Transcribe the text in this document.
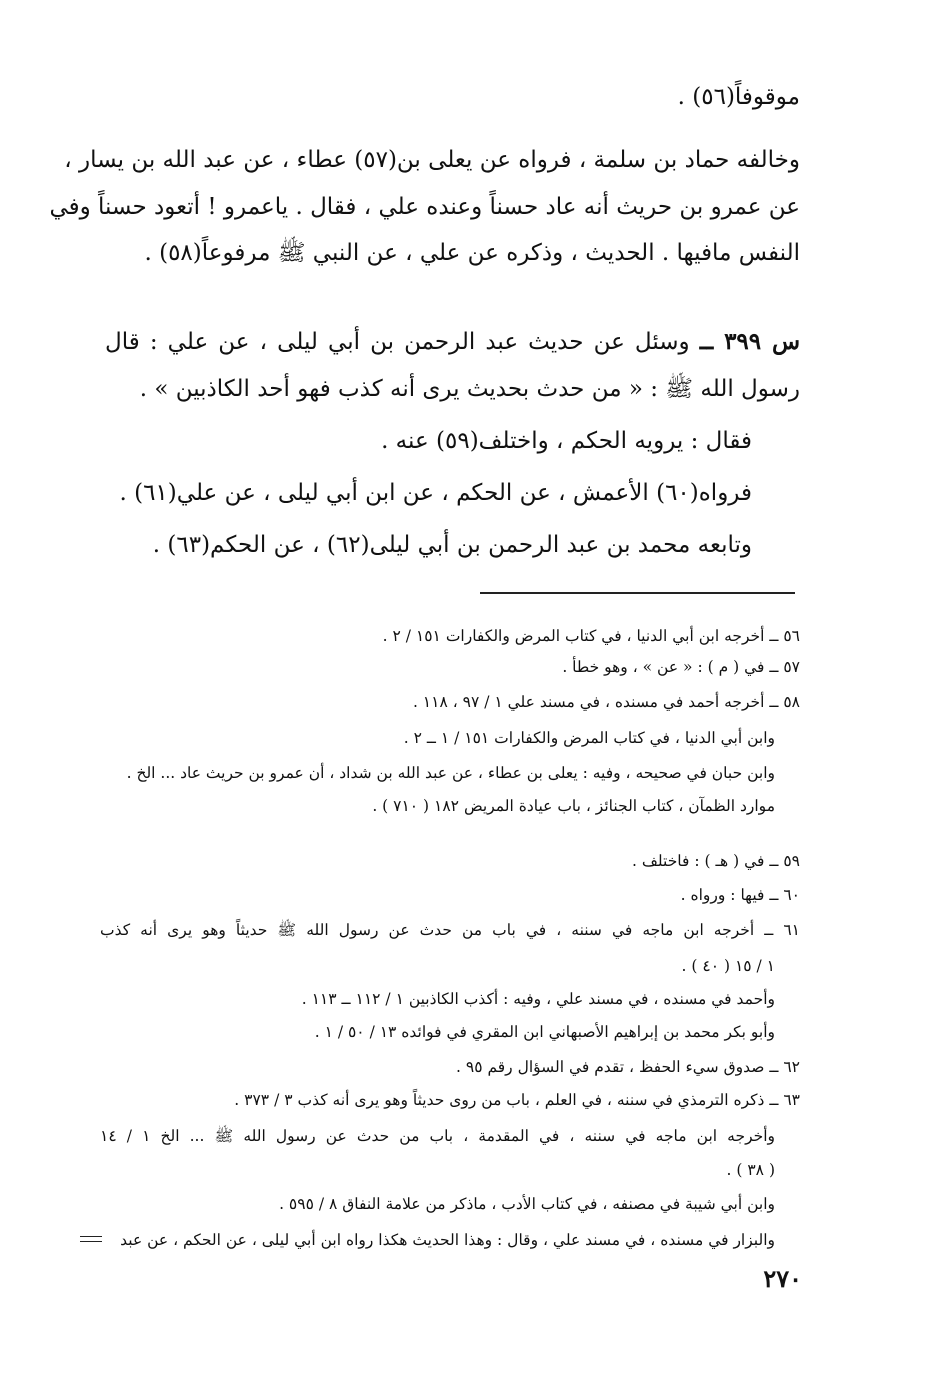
موقوفاً(٥٦) .
وخالفه حماد بن سلمة ، فرواه عن يعلى بن(٥٧) عطاء ، عن عبد الله بن يسار ،
عن عمرو بن حريث أنه عاد حسناً وعنده علي ، فقال . ياعمرو ! أتعود حسناً وفي
النفس مافيها . الحديث ، وذكره عن علي ، عن النبي ﷺ مرفوعاً(٥٨) .
س ٣٩٩ ــ وسئل عن حديث عبد الرحمن بن أبي ليلى ، عن علي : قال
رسول الله ﷺ : « من حدث بحديث يرى أنه كذب فهو أحد الكاذبين » .
فقال : يرويه الحكم ، واختلف(٥٩) عنه .
فرواه(٦٠) الأعمش ، عن الحكم ، عن ابن أبي ليلى ، عن علي(٦١) .
وتابعه محمد بن عبد الرحمن بن أبي ليلى(٦٢) ، عن الحكم(٦٣) .
٥٦ ــ أخرجه ابن أبي الدنيا ، في كتاب المرض والكفارات ١٥١ / ٢ .
٥٧ ــ في ( م ) : « عن » ، وهو خطأ .
٥٨ ــ أخرجه أحمد في مسنده ، في مسند علي ١ / ٩٧ ، ١١٨ .
وابن أبي الدنيا ، في كتاب المرض والكفارات ١٥١ / ١ ــ ٢ .
وابن حبان في صحيحه ، وفيه : يعلى بن عطاء ، عن عبد الله بن شداد ، أن عمرو بن حريث عاد ... الخ .
موارد الظمآن ، كتاب الجنائز ، باب عيادة المريض ١٨٢ ( ٧١٠ ) .
٥٩ ــ في ( هـ ) : فاختلف .
٦٠ ــ فيها : ورواه .
٦١ ــ أخرجه ابن ماجه في سننه ، في باب من حدث عن رسول الله ﷺ حديثاً وهو يرى أنه كذب
١ / ١٥ ( ٤٠ ) .
وأحمد في مسنده ، في مسند علي ، وفيه : أكذب الكاذبين ١ / ١١٢ ــ ١١٣ .
وأبو بكر محمد بن إبراهيم الأصبهاني ابن المقري في فوائده ١٣ / ٥٠ / ١ .
٦٢ ــ صدوق سيء الحفظ ، تقدم في السؤال رقم ٩٥ .
٦٣ ــ ذكره الترمذي في سننه ، في العلم ، باب من روى حديثاً وهو يرى أنه كذب ٣ / ٣٧٣ .
وأخرجه ابن ماجه في سننه ، في المقدمة ، باب من حدث عن رسول الله ﷺ ... الخ ١ / ١٤
( ٣٨ ) .
وابن أبي شيبة في مصنفه ، في كتاب الأدب ، ماذكر من علامة النفاق ٨ / ٥٩٥ .
والبزار في مسنده ، في مسند علي ، وقال : وهذا الحديث هكذا رواه ابن أبي ليلى ، عن الحكم ، عن عبد
٢٧٠
